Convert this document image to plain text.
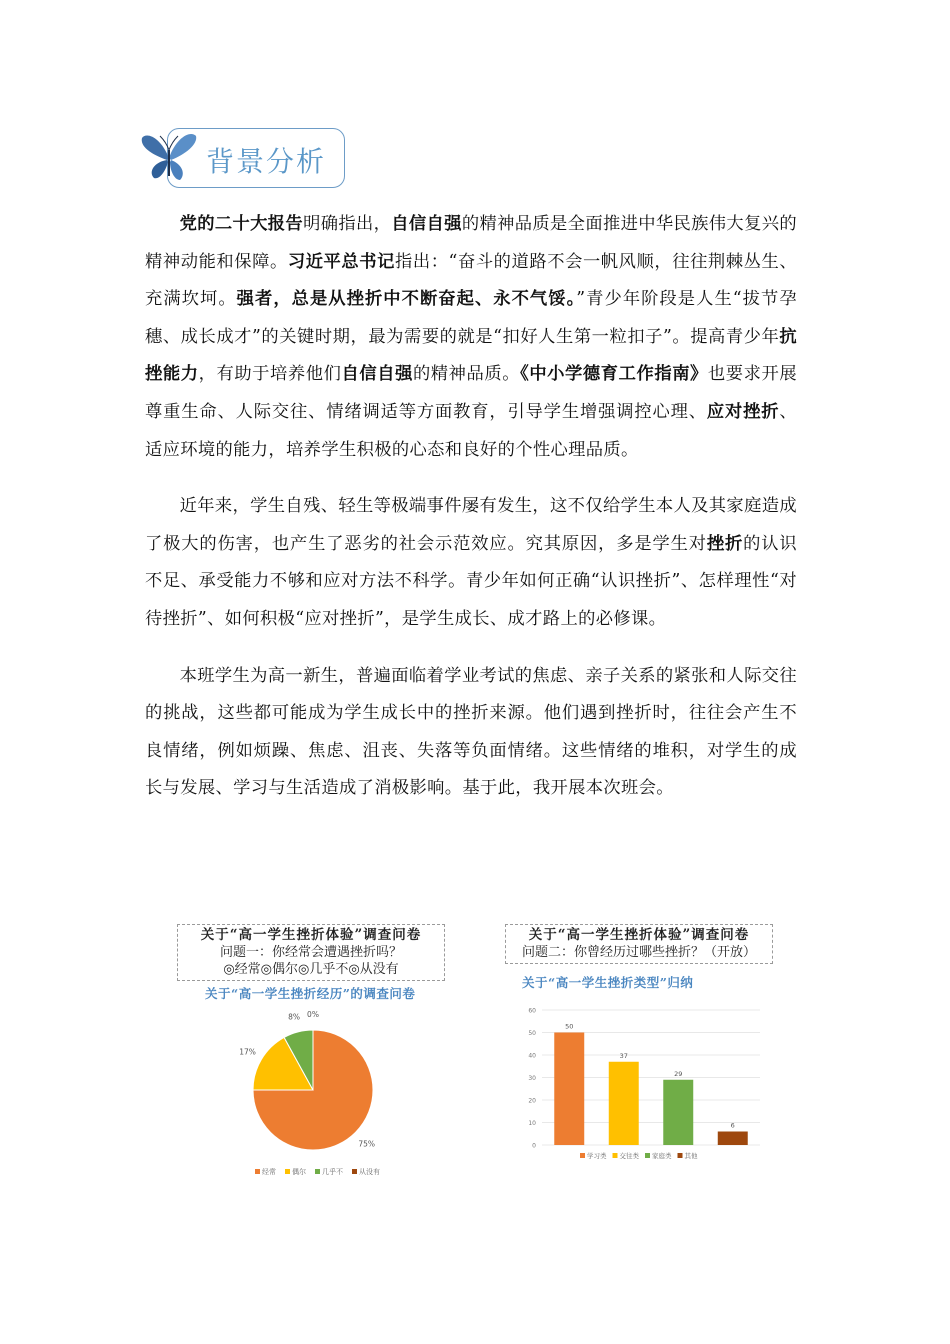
背景分析

党的二十大报告明确指出，自信自强的精神品质是全面推进中华民族伟大复兴的精神动能和保障。习近平总书记指出：“奋斗的道路不会一帆风顺，往往荆棘丛生、充满坎坷。强者，总是从挫折中不断奋起、永不气馁。”青少年阶段是人生“拔节孕穗、成长成才”的关键时期，最为需要的就是“扣好人生第一粒扣子”。提高青少年抗挫能力，有助于培养他们自信自强的精神品质。《中小学德育工作指南》也要求开展尊重生命、人际交往、情绪调适等方面教育，引导学生增强调控心理、应对挫折、适应环境的能力，培养学生积极的心态和良好的个性心理品质。

近年来，学生自残、轻生等极端事件屡有发生，这不仅给学生本人及其家庭造成了极大的伤害，也产生了恶劣的社会示范效应。究其原因，多是学生对挫折的认识不足、承受能力不够和应对方法不科学。青少年如何正确“认识挫折”、怎样理性“对待挫折”、如何积极“应对挫折”，是学生成长、成才路上的必修课。

本班学生为高一新生，普遍面临着学业考试的焦虑、亲子关系的紧张和人际交往的挑战，这些都可能成为学生成长中的挫折来源。他们遇到挫折时，往往会产生不良情绪，例如烦躁、焦虑、沮丧、失落等负面情绪。这些情绪的堆积，对学生的成长与发展、学习与生活造成了消极影响。基于此，我开展本次班会。

关于“高一学生挫折体验”调查问卷
问题一：你经常会遭遇挫折吗？
◎经常◎偶尔◎几乎不◎从没有
关于“高一学生挫折经历”的调查问卷
75%
17%
8% 0%
经常 偶尔 几乎不 从没有
关于“高一学生挫折体验”调查问卷
问题二：你曾经历过哪些挫折？（开放）
关于“高一学生挫折类型”归纳
0
10
20
30
40
50
60
50
37
29
6
学习类 交往类 家庭类 其他
